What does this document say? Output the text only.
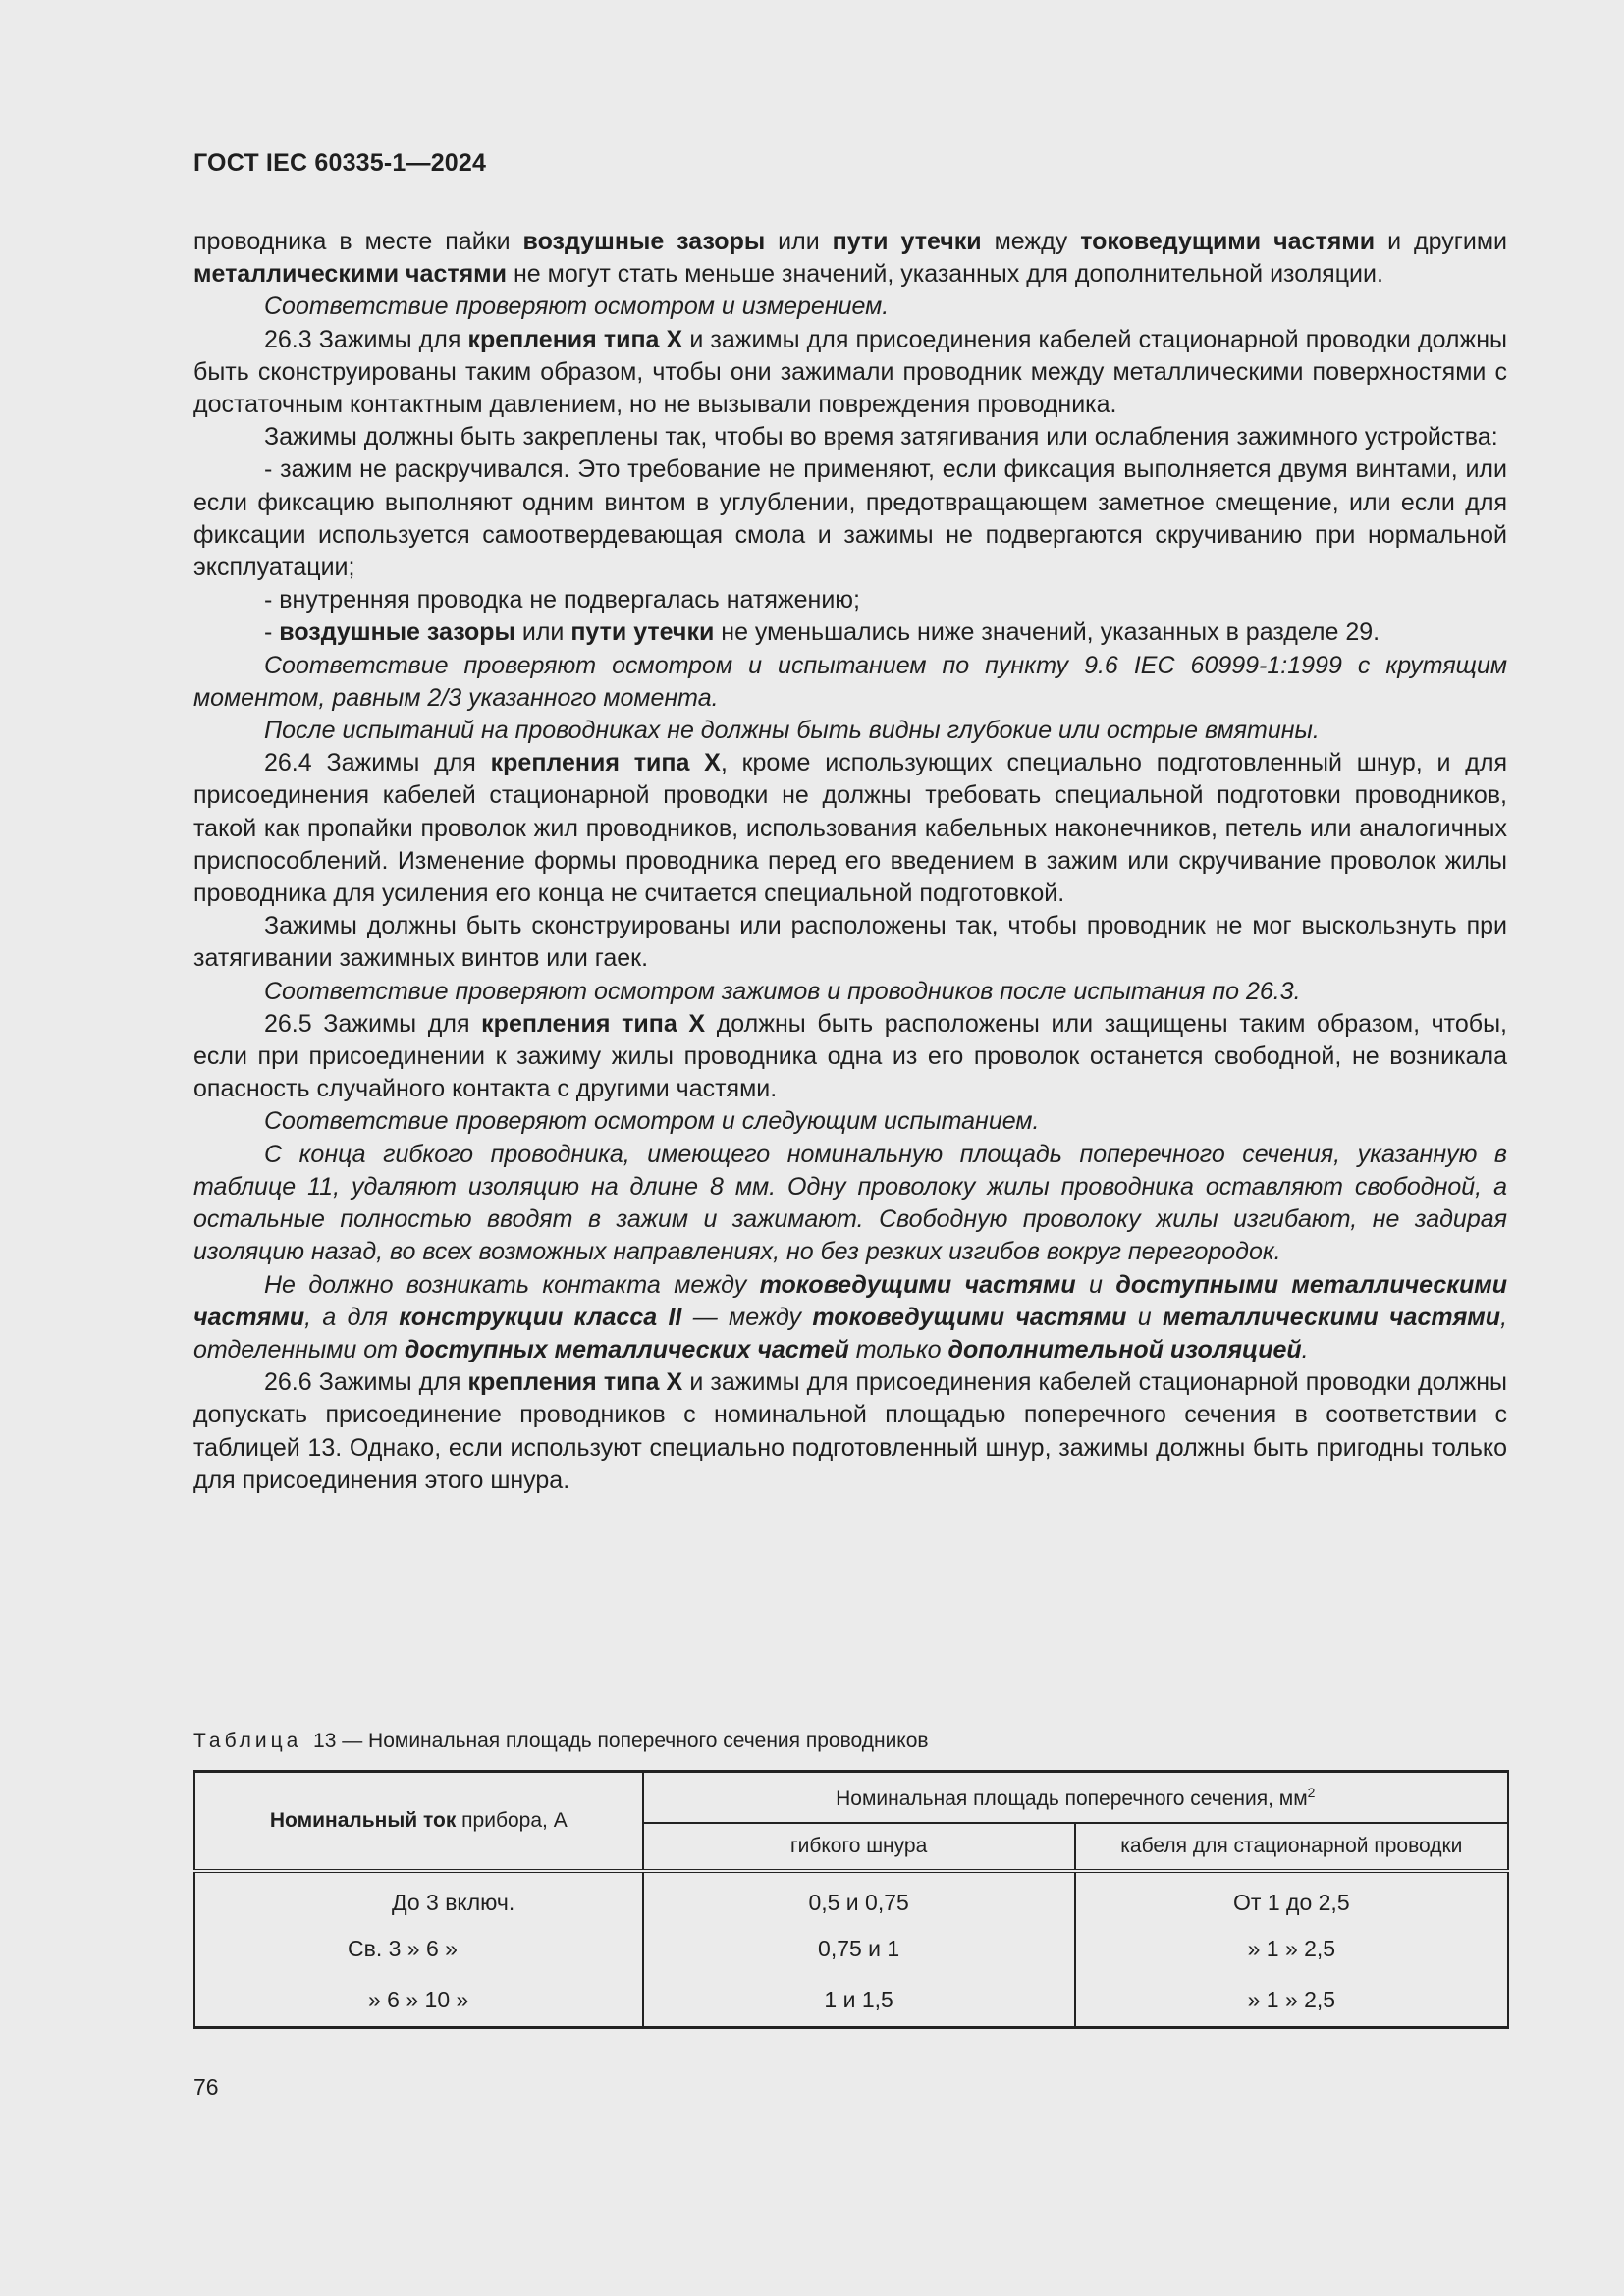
ГОСТ IEC 60335-1—2024

проводника в месте пайки воздушные зазоры или пути утечки между токоведущими частями и другими металлическими частями не могут стать меньше значений, указанных для дополнительной изоляции.

Соответствие проверяют осмотром и измерением.

26.3 Зажимы для крепления типа X и зажимы для присоединения кабелей стационарной проводки должны быть сконструированы таким образом, чтобы они зажимали проводник между металлическими поверхностями с достаточным контактным давлением, но не вызывали повреждения проводника.

Зажимы должны быть закреплены так, чтобы во время затягивания или ослабления зажимного устройства:

- зажим не раскручивался. Это требование не применяют, если фиксация выполняется двумя винтами, или если фиксацию выполняют одним винтом в углублении, предотвращающем заметное смещение, или если для фиксации используется самоотвердевающая смола и зажимы не подвергаются скручиванию при нормальной эксплуатации;

- внутренняя проводка не подвергалась натяжению;

- воздушные зазоры или пути утечки не уменьшались ниже значений, указанных в разделе 29.

Соответствие проверяют осмотром и испытанием по пункту 9.6 IEC 60999-1:1999 с крутящим моментом, равным 2/3 указанного момента.

После испытаний на проводниках не должны быть видны глубокие или острые вмятины.

26.4 Зажимы для крепления типа X, кроме использующих специально подготовленный шнур, и для присоединения кабелей стационарной проводки не должны требовать специальной подготовки проводников, такой как пропайки проволок жил проводников, использования кабельных наконечников, петель или аналогичных приспособлений. Изменение формы проводника перед его введением в зажим или скручивание проволок жилы проводника для усиления его конца не считается специальной подготовкой.

Зажимы должны быть сконструированы или расположены так, чтобы проводник не мог выскользнуть при затягивании зажимных винтов или гаек.

Соответствие проверяют осмотром зажимов и проводников после испытания по 26.3.

26.5 Зажимы для крепления типа X должны быть расположены или защищены таким образом, чтобы, если при присоединении к зажиму жилы проводника одна из его проволок останется свободной, не возникала опасность случайного контакта с другими частями.

Соответствие проверяют осмотром и следующим испытанием.

С конца гибкого проводника, имеющего номинальную площадь поперечного сечения, указанную в таблице 11, удаляют изоляцию на длине 8 мм. Одну проволоку жилы проводника оставляют свободной, а остальные полностью вводят в зажим и зажимают. Свободную проволоку жилы изгибают, не задирая изоляцию назад, во всех возможных направлениях, но без резких изгибов вокруг перегородок.

Не должно возникать контакта между токоведущими частями и доступными металлическими частями, а для конструкции класса II — между токоведущими частями и металлическими частями, отделенными от доступных металлических частей только дополнительной изоляцией.

26.6 Зажимы для крепления типа X и зажимы для присоединения кабелей стационарной проводки должны допускать присоединение проводников с номинальной площадью поперечного сечения в соответствии с таблицей 13. Однако, если используют специально подготовленный шнур, зажимы должны быть пригодны только для присоединения этого шнура.

Таблица 13 — Номинальная площадь поперечного сечения проводников
Номинальный ток прибора, А	Номинальная площадь поперечного сечения, $мм^2$
	гибкого шнура	кабеля для стационарной проводки
До 3 включ.	0,5 и 0,75	От 1 до 2,5
Св. 3 » 6 »	0,75 и 1	» 1 » 2,5
» 6 » 10 »	1 и 1,5	» 1 » 2,5
76
